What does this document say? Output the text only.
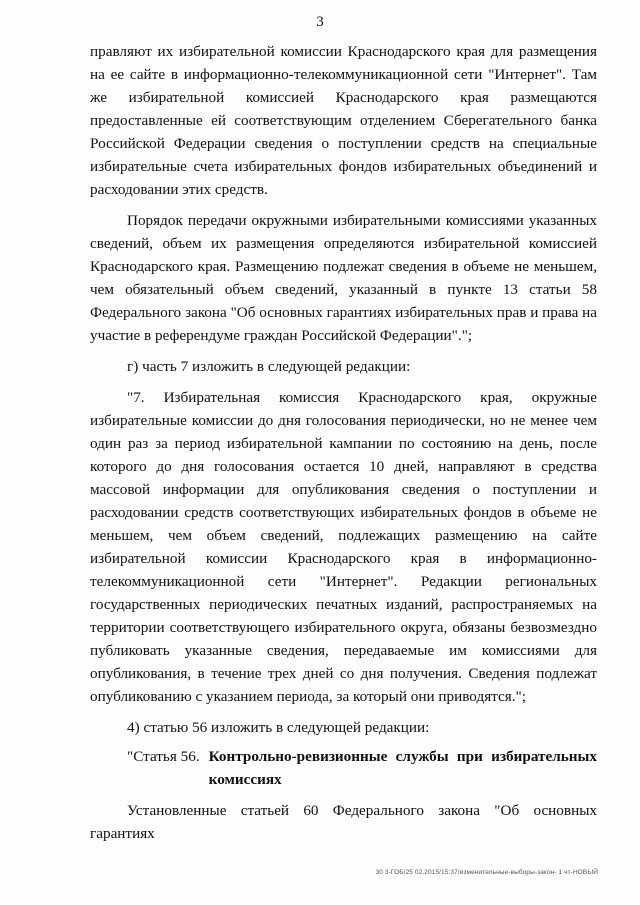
3

правляют их избирательной комиссии Краснодарского края для размещения на ее сайте в информационно-телекоммуникационной сети "Интернет". Там же избирательной комиссией Краснодарского края размещаются предоставленные ей соответствующим отделением Сберегательного банка Российской Федерации сведения о поступлении средств на специальные избирательные счета избирательных фондов избирательных объединений и расходовании этих средств.

Порядок передачи окружными избирательными комиссиями указанных сведений, объем их размещения определяются избирательной комиссией Краснодарского края. Размещению подлежат сведения в объеме не меньшем, чем обязательный объем сведений, указанный в пункте 13 статьи 58 Федерального закона "Об основных гарантиях избирательных прав и права на участие в референдуме граждан Российской Федерации".";

г) часть 7 изложить в следующей редакции:

"7. Избирательная комиссия Краснодарского края, окружные избирательные комиссии до дня голосования периодически, но не менее чем один раз за период избирательной кампании по состоянию на день, после которого до дня голосования остается 10 дней, направляют в средства массовой информации для опубликования сведения о поступлении и расходовании средств соответствующих избирательных фондов в объеме не меньшем, чем объем сведений, подлежащих размещению на сайте избирательной комиссии Краснодарского края в информационно-телекоммуникационной сети "Интернет". Редакции региональных государственных периодических печатных изданий, распространяемых на территории соответствующего избирательного округа, обязаны безвозмездно публиковать указанные сведения, передаваемые им комиссиями для опубликования, в течение трех дней со дня получения. Сведения подлежат опубликованию с указанием периода, за который они приводятся.";

4) статью 56 изложить в следующей редакции:

"Статья 56. Контрольно-ревизионные службы при избирательных комиссиях

Установленные статьей 60 Федерального закона "Об основных гарантиях

30 3-ГОБ/25 02.2015/15:37/изменительные-выборы-закон- 1 чт-НОВЫЙ
